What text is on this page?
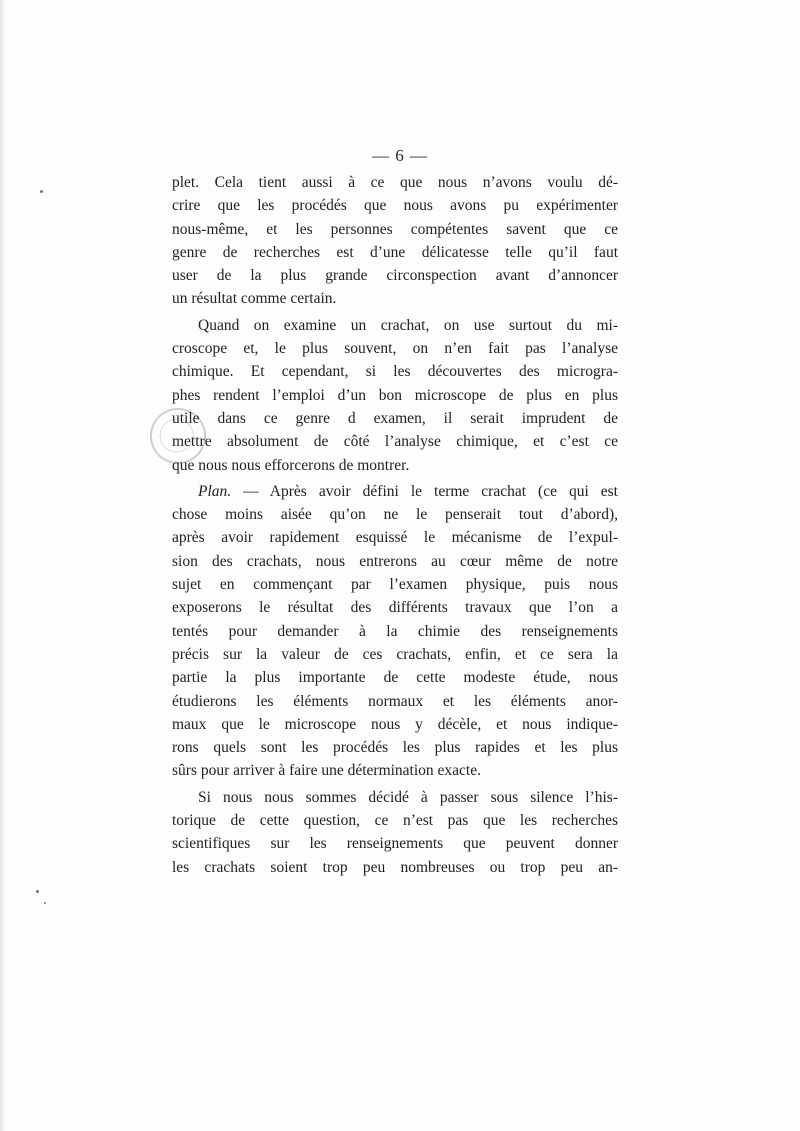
— 6 —
plet. Cela tient aussi à ce que nous n’avons voulu dé-
crire que les procédés que nous avons pu expérimenter
nous-même, et les personnes compétentes savent que ce
genre de recherches est d’une délicatesse telle qu’il faut
user de la plus grande circonspection avant d’annoncer
un résultat comme certain.
Quand on examine un crachat, on use surtout du mi-
croscope et, le plus souvent, on n’en fait pas l’analyse
chimique. Et cependant, si les découvertes des microgra-
phes rendent l’emploi d’un bon microscope de plus en plus
utile dans ce genre d examen, il serait imprudent de
mettre absolument de côté l’analyse chimique, et c’est ce
que nous nous efforcerons de montrer.
Plan. — Après avoir défini le terme crachat (ce qui est
chose moins aisée qu’on ne le penserait tout d’abord),
après avoir rapidement esquissé le mécanisme de l’expul-
sion des crachats, nous entrerons au cœur même de notre
sujet en commençant par l’examen physique, puis nous
exposerons le résultat des différents travaux que l’on a
tentés pour demander à la chimie des renseignements
précis sur la valeur de ces crachats, enfin, et ce sera la
partie la plus importante de cette modeste étude, nous
étudierons les éléments normaux et les éléments anor-
maux que le microscope nous y décèle, et nous indique-
rons quels sont les procédés les plus rapides et les plus
sûrs pour arriver à faire une détermination exacte.
Si nous nous sommes décidé à passer sous silence l’his-
torique de cette question, ce n’est pas que les recherches
scientifiques sur les renseignements que peuvent donner
les crachats soient trop peu nombreuses ou trop peu an-
